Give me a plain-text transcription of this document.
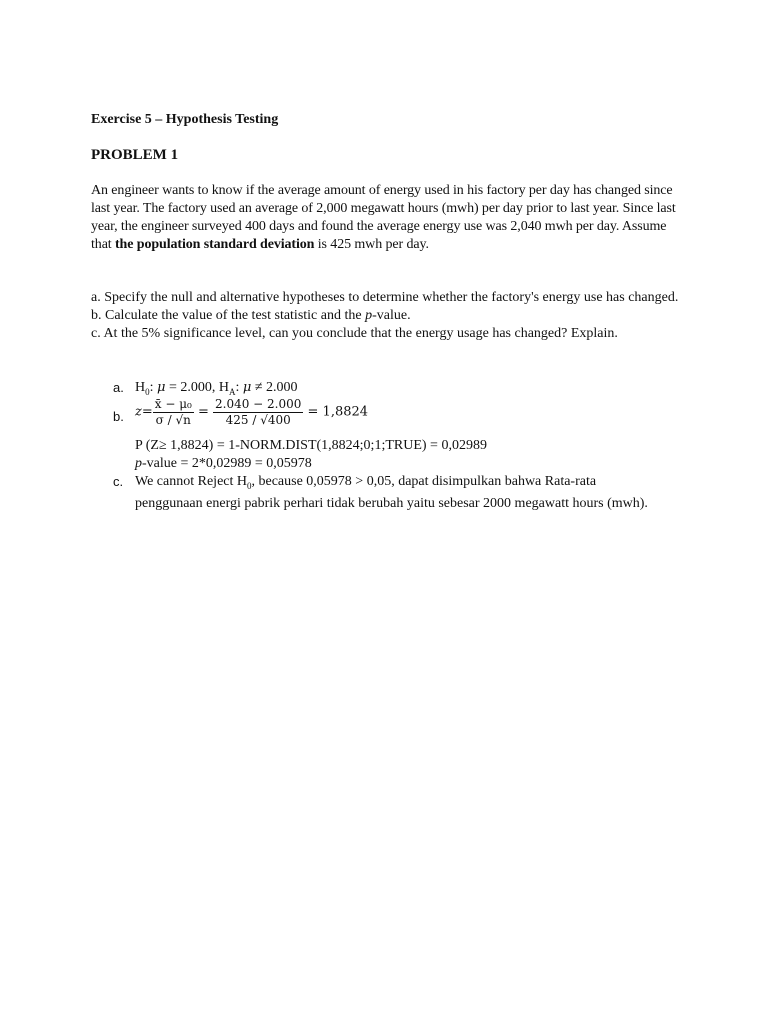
Exercise 5 – Hypothesis Testing
PROBLEM 1
An engineer wants to know if the average amount of energy used in his factory per day has changed since last year. The factory used an average of 2,000 megawatt hours (mwh) per day prior to last year. Since last year, the engineer surveyed 400 days and found the average energy use was 2,040 mwh per day. Assume that the population standard deviation is 425 mwh per day.
a. Specify the null and alternative hypotheses to determine whether the factory's energy use has changed.
b. Calculate the value of the test statistic and the p-value.
c. At the 5% significance level, can you conclude that the energy usage has changed? Explain.
a. $H_0$: μ = 2.000, $H_A$: μ ≠ 2.000
b. $z= \frac{\text{x̄ − μ₀}}{\sigma / √n} = \frac{2.040 - 2.000}{425 / √400} = 1,8824$
P (Z≥ 1,8824) = 1-NORM.DIST(1,8824;0;1;TRUE) = 0,02989
p-value = 2*0,02989 = 0,05978
c. We cannot Reject $H_0$, because 0,05978 > 0,05, dapat disimpulkan bahwa Rata-rata penggunaan energi pabrik perhari tidak berubah yaitu sebesar 2000 megawatt hours (mwh).
